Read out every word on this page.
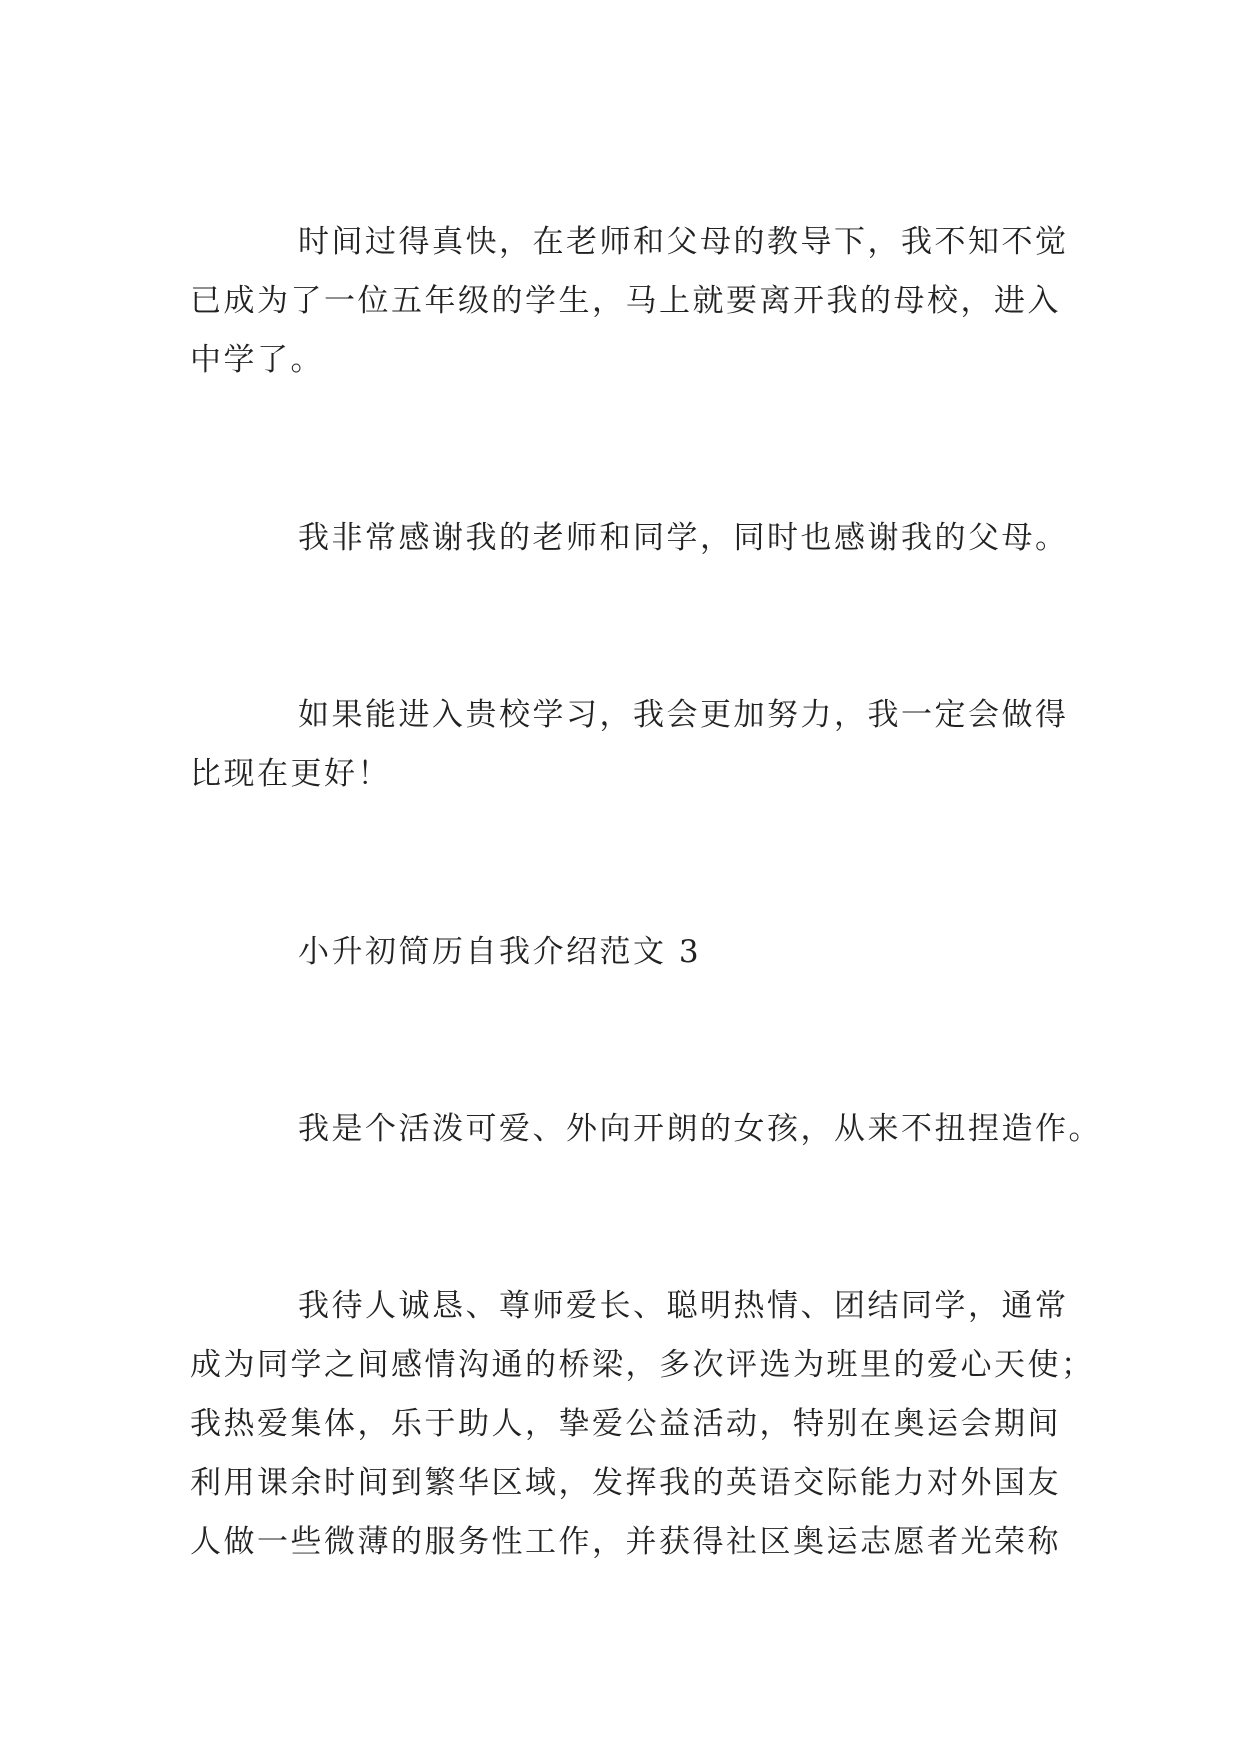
时间过得真快，在老师和父母的教导下，我不知不觉
已成为了一位五年级的学生，马上就要离开我的母校，进入
中学了。
我非常感谢我的老师和同学，同时也感谢我的父母。
如果能进入贵校学习，我会更加努力，我一定会做得
比现在更好！
小升初简历自我介绍范文 3
我是个活泼可爱、外向开朗的女孩，从来不扭捏造作。
我待人诚恳、尊师爱长、聪明热情、团结同学，通常
成为同学之间感情沟通的桥梁，多次评选为班里的爱心天使；
我热爱集体，乐于助人，挚爱公益活动，特别在奥运会期间
利用课余时间到繁华区域，发挥我的英语交际能力对外国友
人做一些微薄的服务性工作，并获得社区奥运志愿者光荣称
